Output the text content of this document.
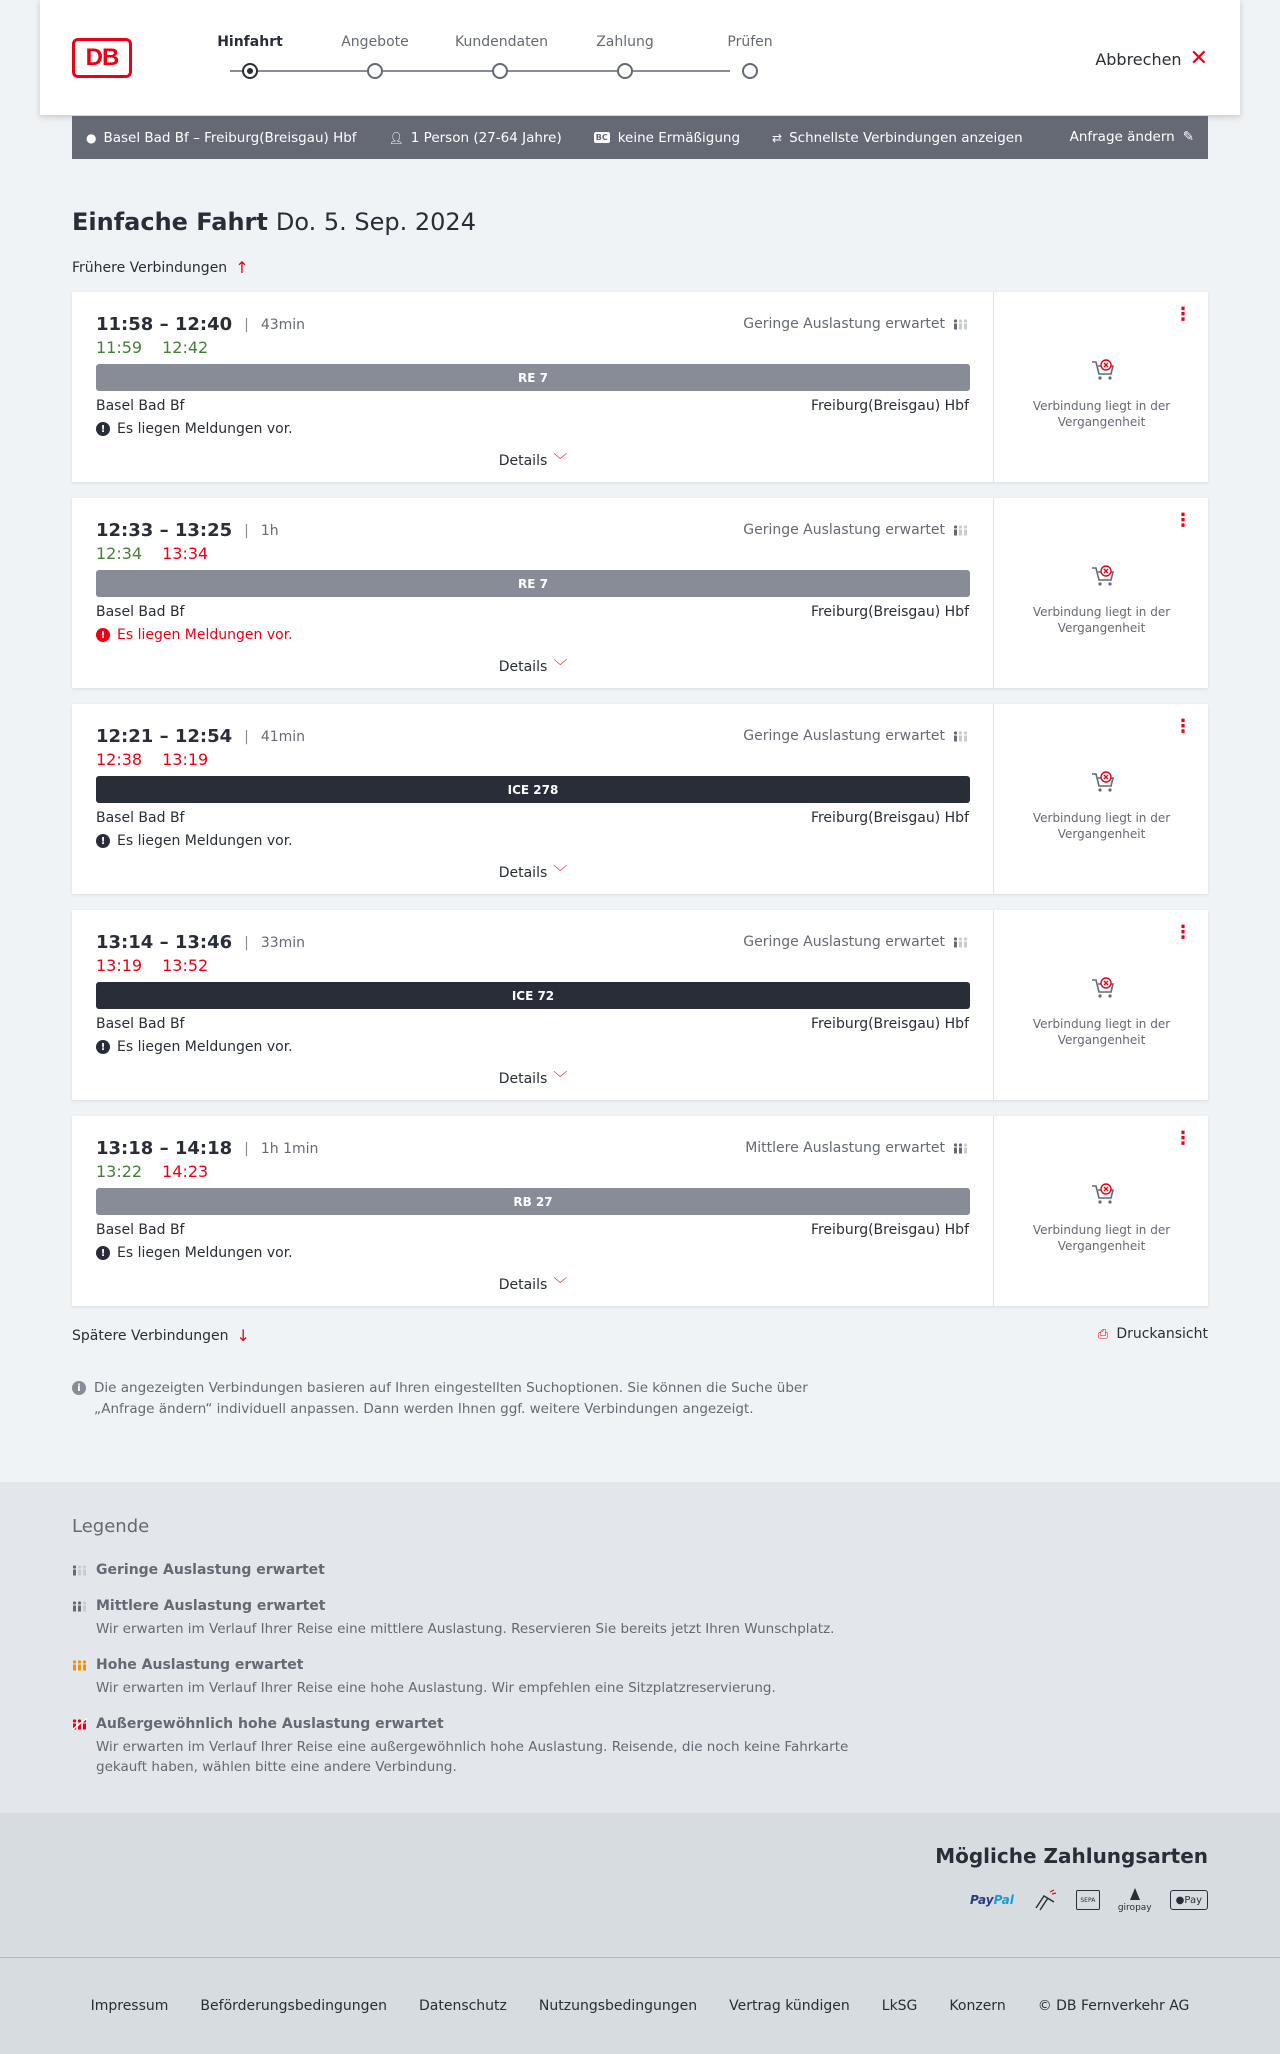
DB
Hinfahrt	Angebote	Kundendaten	Zahlung	Prüfen
Abbrechen ✕
● Basel Bad Bf – Freiburg(Breisgau) Hbf	👤︎ 1 Person (27-64 Jahre)	BC keine Ermäßigung	⇄ Schnellste Verbindungen anzeigen	Anfrage ändern ✎
Einfache Fahrt Do. 5. Sep. 2024
Frühere Verbindungen ↑
11:58 – 12:40 | 43min
11:59 12:42
Geringe Auslastung erwartet
RE 7
Basel Bad Bf	Freiburg(Breisgau) Hbf
! Es liegen Meldungen vor.
Details ﹀
⋮
Verbindung liegt in der Vergangenheit
12:33 – 13:25 | 1h
12:34 13:34
Geringe Auslastung erwartet
RE 7
Basel Bad Bf	Freiburg(Breisgau) Hbf
! Es liegen Meldungen vor.
Details ﹀
⋮
Verbindung liegt in der Vergangenheit
12:21 – 12:54 | 41min
12:38 13:19
Geringe Auslastung erwartet
ICE 278
Basel Bad Bf	Freiburg(Breisgau) Hbf
! Es liegen Meldungen vor.
Details ﹀
⋮
Verbindung liegt in der Vergangenheit
13:14 – 13:46 | 33min
13:19 13:52
Geringe Auslastung erwartet
ICE 72
Basel Bad Bf	Freiburg(Breisgau) Hbf
! Es liegen Meldungen vor.
Details ﹀
⋮
Verbindung liegt in der Vergangenheit
13:18 – 14:18 | 1h 1min
13:22 14:23
Mittlere Auslastung erwartet
RB 27
Basel Bad Bf	Freiburg(Breisgau) Hbf
! Es liegen Meldungen vor.
Details ﹀
⋮
Verbindung liegt in der Vergangenheit
Spätere Verbindungen ↓	⎙ Druckansicht
i Die angezeigten Verbindungen basieren auf Ihren eingestellten Suchoptionen. Sie können die Suche über „Anfrage ändern“ individuell anpassen. Dann werden Ihnen ggf. weitere Verbindungen angezeigt.
Legende
Geringe Auslastung erwartet
Mittlere Auslastung erwartet
Wir erwarten im Verlauf Ihrer Reise eine mittlere Auslastung. Reservieren Sie bereits jetzt Ihren Wunschplatz.
Hohe Auslastung erwartet
Wir erwarten im Verlauf Ihrer Reise eine hohe Auslastung. Wir empfehlen eine Sitzplatzreservierung.
Außergewöhnlich hohe Auslastung erwartet
Wir erwarten im Verlauf Ihrer Reise eine außergewöhnlich hohe Auslastung. Reisende, die noch keine Fahrkarte gekauft haben, wählen bitte eine andere Verbindung.
Mögliche Zahlungsarten
Pay Pal	SEPA
giropay
● Pay
Impressum Beförderungsbedingungen Datenschutz Nutzungsbedingungen Vertrag kündigen LkSG Konzern © DB Fernverkehr AG
